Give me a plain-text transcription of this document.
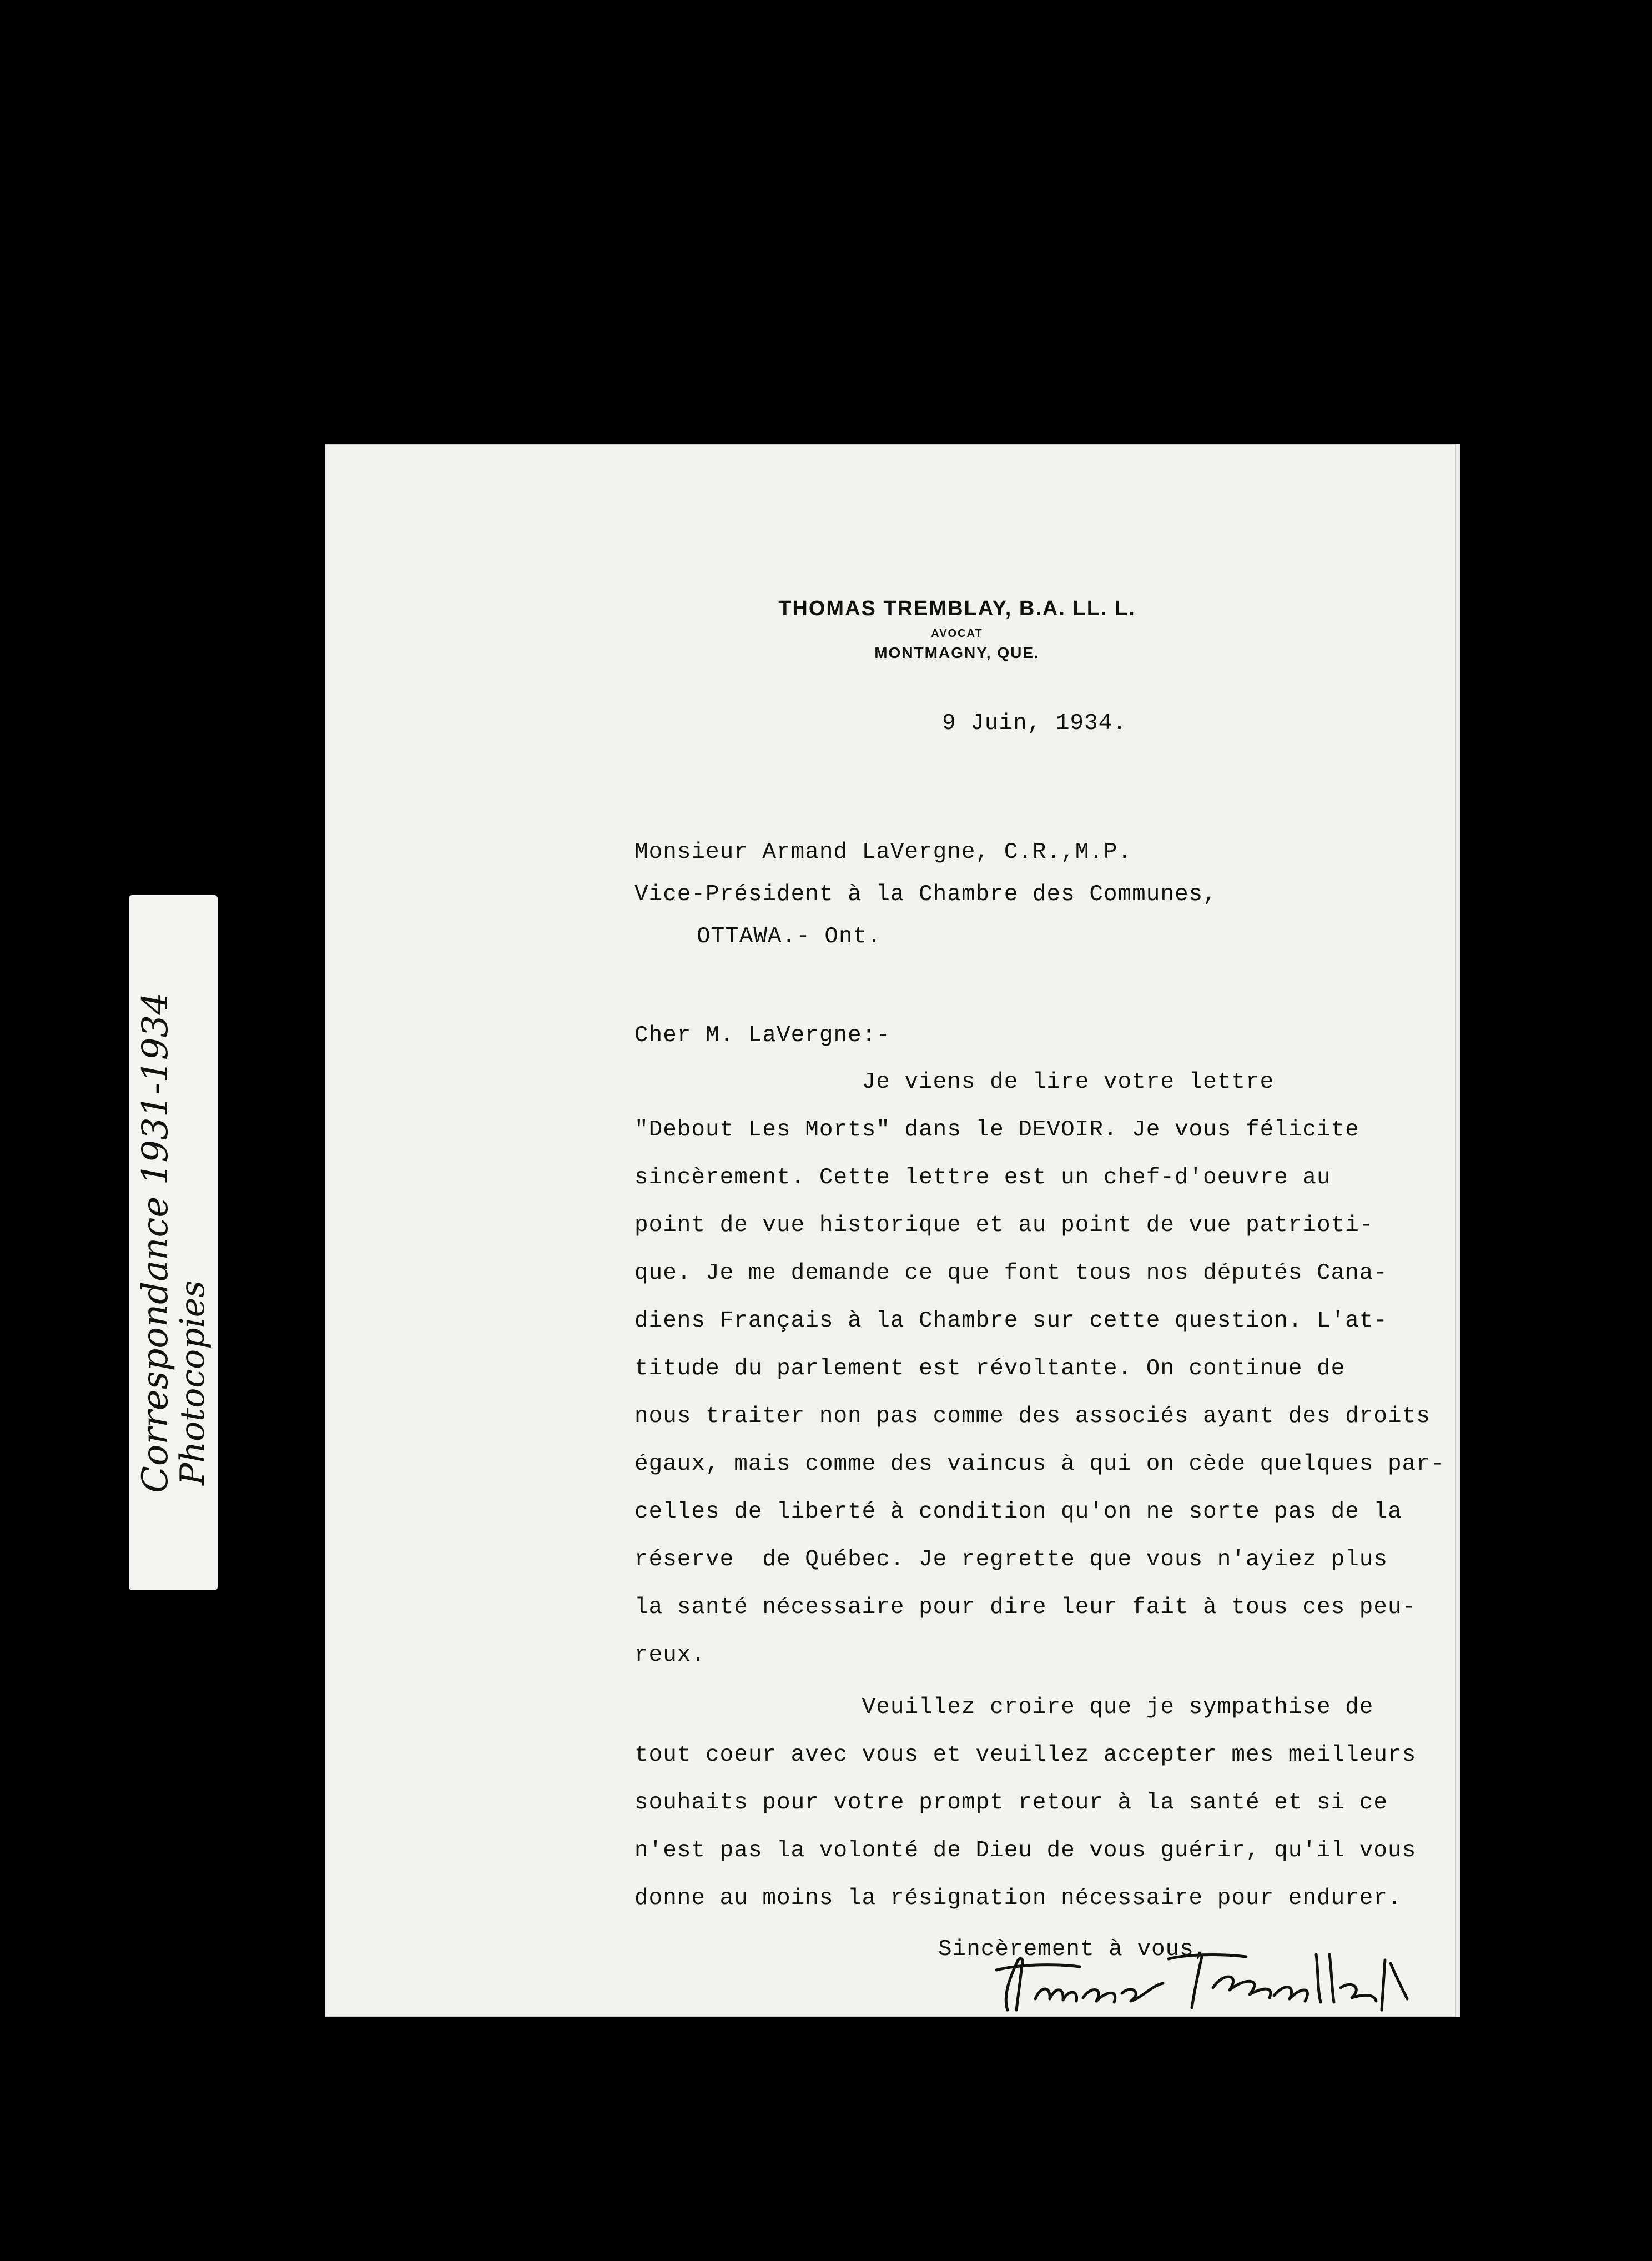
Correspondance 1931-1934
Photocopies
THOMAS TREMBLAY, B.A. LL. L.
AVOCAT
MONTMAGNY, QUE.
9 Juin, 1934.
Monsieur Armand LaVergne, C.R.,M.P.
Vice-Président à la Chambre des Communes,
OTTAWA.- Ont.
Cher M. LaVergne:-
Je viens de lire votre lettre
"Debout Les Morts" dans le DEVOIR. Je vous félicite
sincèrement. Cette lettre est un chef-d'oeuvre au
point de vue historique et au point de vue patrioti-
que. Je me demande ce que font tous nos députés Cana-
diens Français à la Chambre sur cette question. L'at-
titude du parlement est révoltante. On continue de
nous traiter non pas comme des associés ayant des droits
égaux, mais comme des vaincus à qui on cède quelques par-
celles de liberté à condition qu'on ne sorte pas de la
réserve  de Québec. Je regrette que vous n'ayiez plus
la santé nécessaire pour dire leur fait à tous ces peu-
reux.
Veuillez croire que je sympathise de
tout coeur avec vous et veuillez accepter mes meilleurs
souhaits pour votre prompt retour à la santé et si ce
n'est pas la volonté de Dieu de vous guérir, qu'il vous
donne au moins la résignation nécessaire pour endurer.
Sincèrement à vous,
